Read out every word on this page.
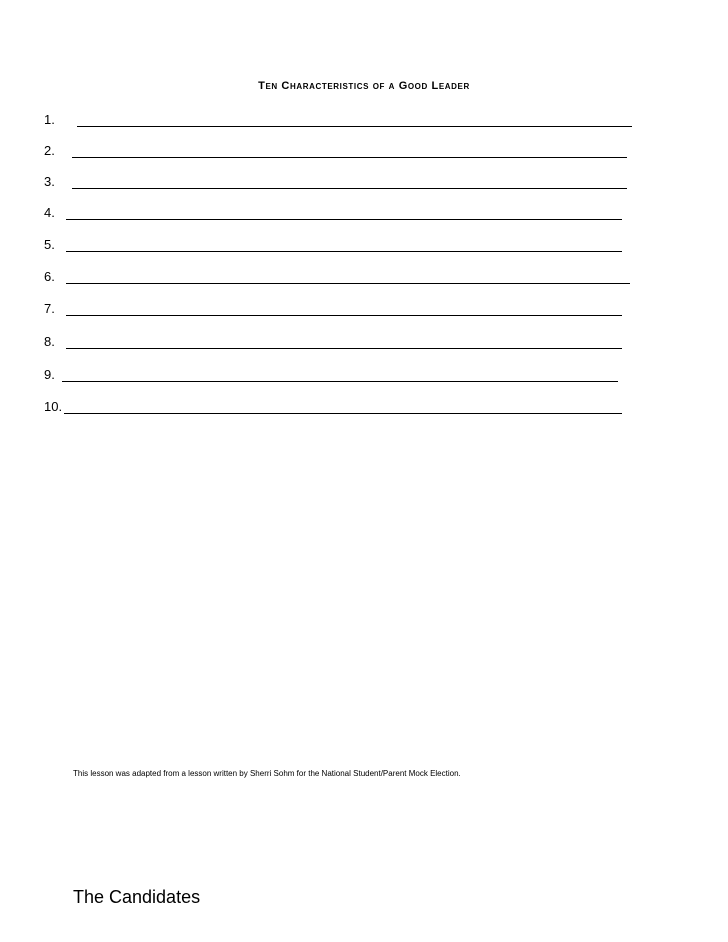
Ten Characteristics of a Good Leader
1.
2.
3.
4.
5.
6.
7.
8.
9.
10.

This lesson was adapted from a lesson written by Sherri Sohm for the National Student/Parent Mock Election.

The Candidates
